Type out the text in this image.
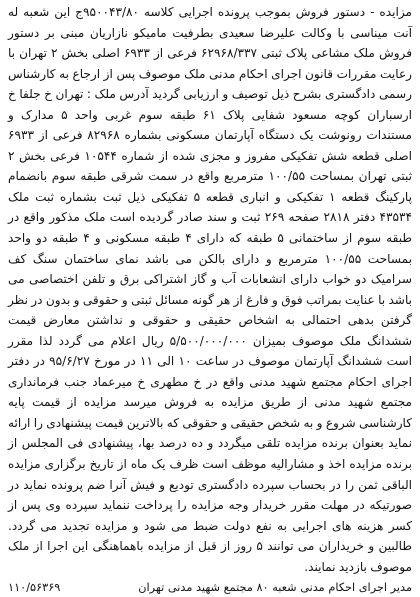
مزایده - دستور فروش بموجب پرونده اجرایی کلاسه ۹۵۰۰۴۳/۸۰ج این شعبه له آنت میناسی با وکالت علیرضا سعیدی بطرفیت مامیکو نازاریان مبنی بر دستور فروش ملک مشاعی پلاک ثبتی ۶۲۹۶۸/۳۳۷ فرعی از ۶۹۳۳ اصلی بخش ۲ تهران با رعایت مقررات قانون اجرای احکام مدنی ملک موصوف پس از ارجاع به کارشناس رسمی دادگستری بشرح ذیل توصیف و ارزیابی گردید آدرس ملک : تهران خ جلفا خ ارسباران کوچه مسعود شفایی پلاک ۶۱ طبقه سوم غربی واحد ۵ مدارک و مستندات رونوشت یک دستگاه آپارتمان مسکونی بشماره ۸۲۹۶۸ فرعی از ۶۹۳۳ اصلی قطعه شش تفکیکی مفروز و مجزی شده از شماره ۱۰۵۴۴ فرعی بخش ۲ ثبتی تهران بمساحت ۱۰۰/۵۵ مترمربع واقع در سمت شرقی طبقه سوم بانضمام پارکینگ قطعه ۱ تفکیکی و انباری قطعه ۵ تفکیکی ذیل ثبت بشماره ثبت ملک ۴۳۵۳۴ دفتر ۲۸۱۸ صفحه ۲۶۹ ثبت و سند صادر گردیده است ملک مذکور واقع در طبقه سوم از ساختمانی ۵ طبقه که دارای ۴ طبقه مسکونی و ۴ طبقه دو واحد بمساحت ۱۰۰/۵۵ مترمربع و دارای بالکن می باشد نمای ساختمان سنگ کف سرامیک دو خواب دارای انشعابات آب و گاز اشتراکی برق و تلفن اختصاصی می باشد با عنایت بمراتب فوق و فارغ از هر گونه مسائل ثبتی و حقوقی و بدون در نظر گرفتن بدهی احتمالی به اشخاص حقیقی و حقوقی و نداشتن معارض قیمت ششدانگ ملک موصوف بمیزان ۵/۵۰۰/۰۰۰/۰۰۰ ریال اعلام می گردد لذا مقرر است ششدانگ آپارتمان موصوف در ساعت ۱۰ الی ۱۱ در مورخ ۹۵/۶/۲۷ در دفتر اجرای احکام مجتمع شهید مدنی واقع در خ مطهری خ میرعماد جنب فرمانداری مجتمع شهید مدنی از طریق مزایده به فروش میرسد مزایده از قیمت پایه کارشناسی شروع و به شخص حقیقی و حقوقی که بالاترین قیمت پیشنهادی را ارائه نماید بعنوان برنده مزایده تلقی میگردد و ده درصد بها، پیشنهادی فی المجلس از برنده مزایده اخذ و مشارالیه موظف است ظرف یک ماه از تاریخ برگزاری مزایده الباقی ثمن را در بحساب سپرده دادگستری تودیع و فیش آنرا ضم پرونده نماید در صورتیکه در مهلت مقرر خریدار وجه مزایده را پرداخت ننماید سپرده وی پس از کسر هزینه های اجرایی به نفع دولت ضبط می شود و مزایده تجدید می گردد. طالبین و خریداران می توانند ۵ روز از قبل از مزایده باهماهنگی این اجرا از ملک موصوف بازدید نمایند.

مدیر اجرای احکام مدنی شعبه ۸۰ مجتمع شهید مدنی تهران
۱۱۰/۵۶۳۶۹
